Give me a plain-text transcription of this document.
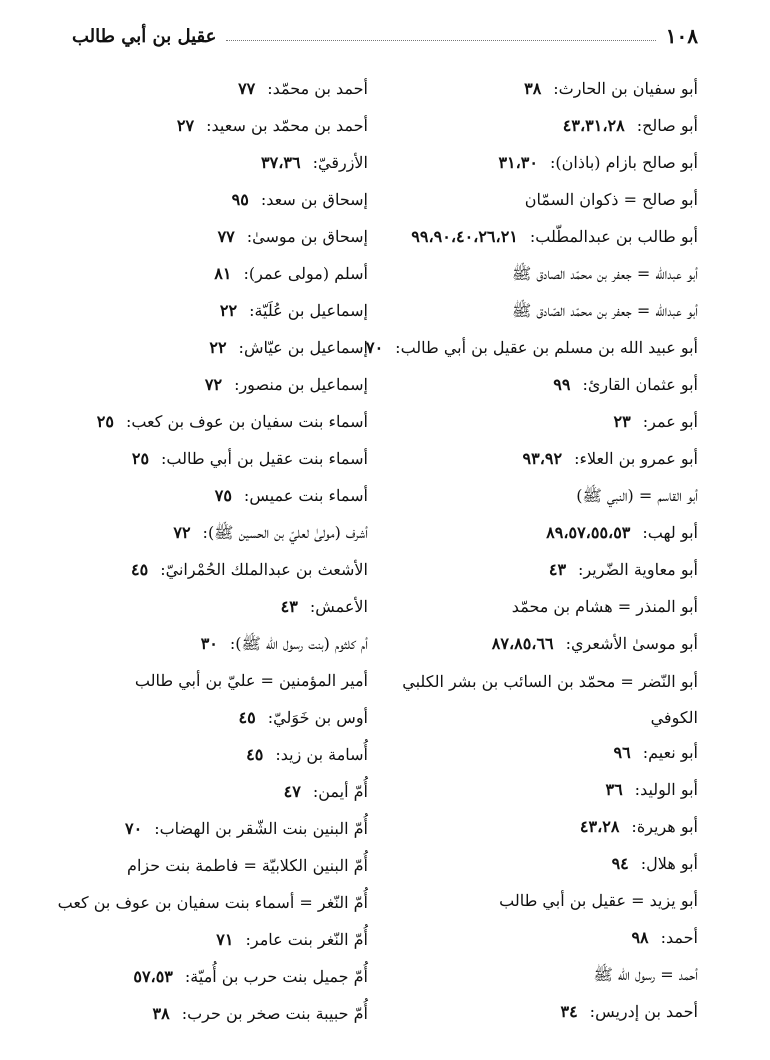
١٠٨
عقيل بن أبي طالب
أبو سفيان بن الحارث:٣٨
أبو صالح:٤٣،٣١،٢٨
أبو صالح بازام (باذان):٣١،٣٠
أبو صالح = ذكوان السمّان
أبو طالب بن عبدالمطّلب:٩٩،٩٠،٤٠،٢٦،٢١
أبو عبدالله = جعفر بن محمّد الصادق ﷺ
أبو عبدالله = جعفر بن محمّد الصّادق ﷺ
أبو عبيد الله بن مسلم بن عقيل بن أبي طالب:٧٠
أبو عثمان القارئ:٩٩
أبو عمر:٢٣
أبو عمرو بن العلاء:٩٣،٩٢
أبو القاسم = (النبي ﷺ)
أبو لهب:٨٩،٥٧،٥٥،٥٣
أبو معاوية الضّرير:٤٣
أبو المنذر = هشام بن محمّد
أبو موسىٰ الأشعري:٨٧،٨٥،٦٦
أبو النّضر = محمّد بن السائب بن بشر الكلبي الكوفي
أبو نعيم:٩٦
أبو الوليد:٣٦
أبو هريرة:٤٣،٢٨
أبو هلال:٩٤
أبو يزيد = عقيل بن أبي طالب
أحمد:٩٨
أحمد = رسول الله ﷺ
أحمد بن إدريس:٣٤
أحمد بن محمّد:٧٧
أحمد بن محمّد بن سعيد:٢٧
الأزرقيّ:٣٧،٣٦
إسحاق بن سعد:٩٥
إسحاق بن موسىٰ:٧٧
أسلم (مولى عمر):٨١
إسماعيل بن عُلَيّة:٢٢
إسماعيل بن عيّاش:٢٢
إسماعيل بن منصور:٧٢
أسماء بنت سفيان بن عوف بن كعب:٢٥
أسماء بنت عقيل بن أبي طالب:٢٥
أسماء بنت عميس:٧٥
أشرف (مولىٰ لعليّ بن الحسين ﷺ):٧٢
الأشعث بن عبدالملك الحُمْرانيّ:٤٥
الأعمش:٤٣
أم كلثوم (بنت رسول الله ﷺ):٣٠
أمير المؤمنين = عليّ بن أبي طالب
أوس بن خَوَليّ:٤٥
أُسامة بن زيد:٤٥
أُمّ أيمن:٤٧
أُمّ البنين بنت الشّقر بن الهضاب:٧٠
أُمّ البنين الكلابيّة = فاطمة بنت حزام
أُمّ النّغر = أسماء بنت سفيان بن عوف بن كعب
أُمّ النّغر بنت عامر:٧١
أُمّ جميل بنت حرب بن أُميّة:٥٧،٥٣
أُمّ حبيبة بنت صخر بن حرب:٣٨
